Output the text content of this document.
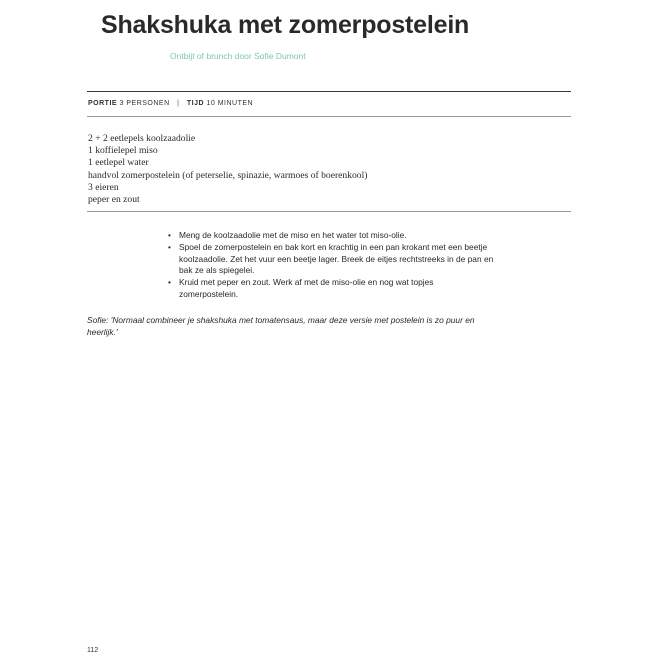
Shakshuka met zomerpostelein
Ontbijt of brunch door Sofie Dumont
PORTIE 3 PERSONEN | TIJD 10 MINUTEN
2 + 2 eetlepels koolzaadolie
1 koffielepel miso
1 eetlepel water
handvol zomerpostelein (of peterselie, spinazie, warmoes of boerenkool)
3 eieren
peper en zout
• Meng de koolzaadolie met de miso en het water tot miso-olie.
• Spoel de zomerpostelein en bak kort en krachtig in een pan krokant met een beetje koolzaadolie. Zet het vuur een beetje lager. Breek de eitjes rechtstreeks in de pan en bak ze als spiegelei.
• Kruid met peper en zout. Werk af met de miso-olie en nog wat topjes zomerpostelein.
Sofie: 'Normaal combineer je shakshuka met tomatensaus, maar deze versie met postelein is zo puur en heerlijk.'
112
